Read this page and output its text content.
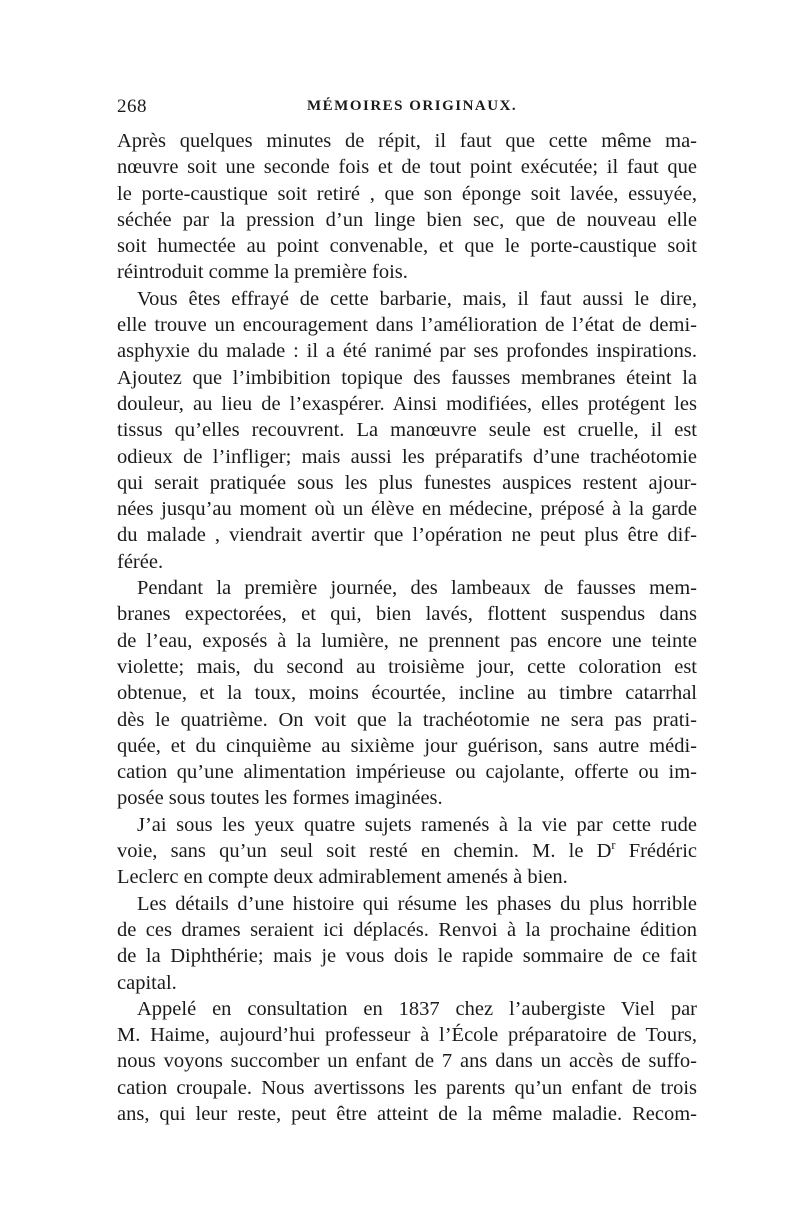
268	MÉMOIRES ORIGINAUX.
Après quelques minutes de répit, il faut que cette même ma-
nœuvre soit une seconde fois et de tout point exécutée; il faut que
le porte-caustique soit retiré , que son éponge soit lavée, essuyée,
séchée par la pression d’un linge bien sec, que de nouveau elle
soit humectée au point convenable, et que le porte-caustique soit
réintroduit comme la première fois.
Vous êtes effrayé de cette barbarie, mais, il faut aussi le dire,
elle trouve un encouragement dans l’amélioration de l’état de demi-
asphyxie du malade : il a été ranimé par ses profondes inspirations.
Ajoutez que l’imbibition topique des fausses membranes éteint la
douleur, au lieu de l’exaspérer. Ainsi modifiées, elles protégent les
tissus qu’elles recouvrent. La manœuvre seule est cruelle, il est
odieux de l’infliger; mais aussi les préparatifs d’une trachéotomie
qui serait pratiquée sous les plus funestes auspices restent ajour-
nées jusqu’au moment où un élève en médecine, préposé à la garde
du malade , viendrait avertir que l’opération ne peut plus être dif-
férée.
Pendant la première journée, des lambeaux de fausses mem-
branes expectorées, et qui, bien lavés, flottent suspendus dans
de l’eau, exposés à la lumière, ne prennent pas encore une teinte
violette; mais, du second au troisième jour, cette coloration est
obtenue, et la toux, moins écourtée, incline au timbre catarrhal
dès le quatrième. On voit que la trachéotomie ne sera pas prati-
quée, et du cinquième au sixième jour guérison, sans autre médi-
cation qu’une alimentation impérieuse ou cajolante, offerte ou im-
posée sous toutes les formes imaginées.
J’ai sous les yeux quatre sujets ramenés à la vie par cette rude
voie, sans qu’un seul soit resté en chemin. M. le $D^r$ Frédéric
Leclerc en compte deux admirablement amenés à bien.
Les détails d’une histoire qui résume les phases du plus horrible
de ces drames seraient ici déplacés. Renvoi à la prochaine édition
de la Diphthérie; mais je vous dois le rapide sommaire de ce fait
capital.
Appelé en consultation en 1837 chez l’aubergiste Viel par
M. Haime, aujourd’hui professeur à l’École préparatoire de Tours,
nous voyons succomber un enfant de 7 ans dans un accès de suffo-
cation croupale. Nous avertissons les parents qu’un enfant de trois
ans, qui leur reste, peut être atteint de la même maladie. Recom-
